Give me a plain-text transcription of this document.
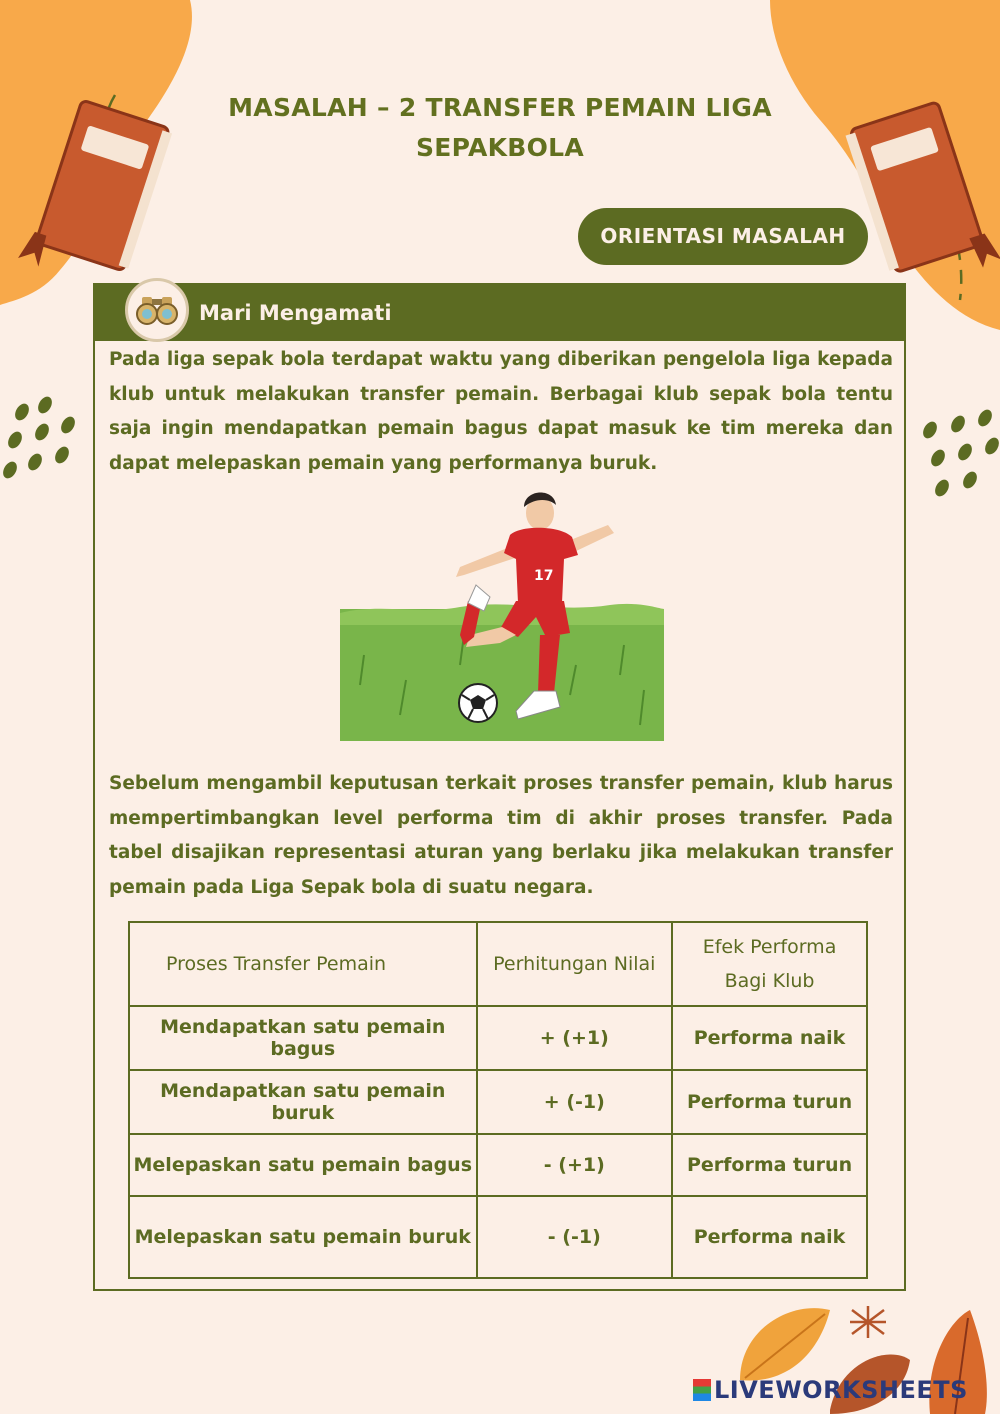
MASALAH – 2 TRANSFER PEMAIN LIGA
SEPAKBOLA
ORIENTASI MASALAH
Mari Mengamati
Pada liga sepak bola terdapat waktu yang diberikan pengelola liga kepada klub untuk melakukan transfer pemain. Berbagai klub sepak bola tentu saja ingin mendapatkan pemain bagus dapat masuk ke tim mereka dan dapat melepaskan pemain yang performanya buruk.
17
Sebelum mengambil keputusan terkait proses transfer pemain, klub harus mempertimbangkan level performa tim di akhir proses transfer. Pada tabel disajikan representasi aturan yang berlaku jika melakukan transfer pemain pada Liga Sepak bola di suatu negara.
Proses Transfer Pemain	Perhitungan Nilai	Efek Performa
Bagi Klub

Mendapatkan satu pemain bagus	+ (+1)	Performa naik
Mendapatkan satu pemain buruk	+ (-1)	Performa turun
Melepaskan satu pemain bagus	- (+1)	Performa turun
Melepaskan satu pemain buruk	- (-1)	Performa naik
LIVEWORKSHEETS
